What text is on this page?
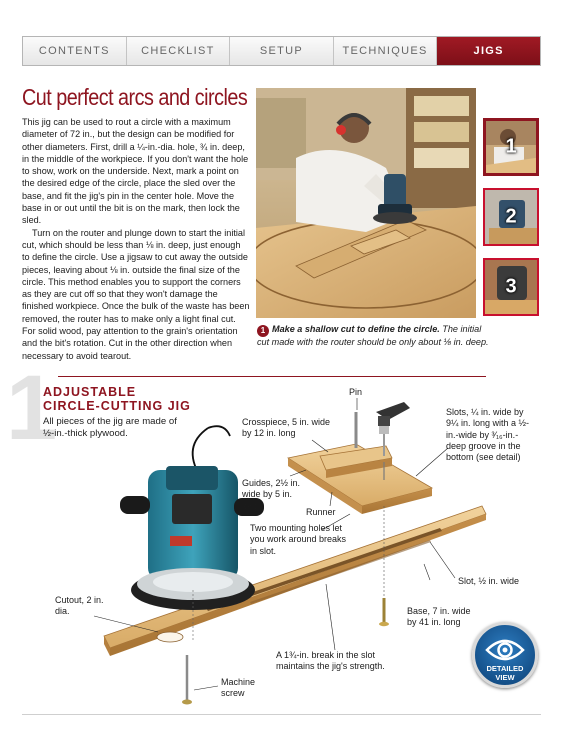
CONTENTS	CHECKLIST	SETUP	TECHNIQUES	JIGS
Cut perfect arcs and circles

This jig can be used to rout a circle with a maximum diameter of 72 in., but the design can be modified for other diameters. First, drill a ¼-in.-dia. hole, ¾ in. deep, in the middle of the workpiece. If you don't want the hole to show, work on the underside. Next, mark a point on the desired edge of the circle, place the sled over the base, and fit the jig's pin in the center hole. Move the base in or out until the bit is on the mark, then lock the sled.

Turn on the router and plunge down to start the initial cut, which should be less than ⅛ in. deep, just enough to define the circle. Use a jigsaw to cut away the outside pieces, leaving about ⅛ in. outside the final size of the circle. This method enables you to support the corners as they are cut off so that they won't damage the finished workpiece. Once the bulk of the waste has been removed, the router has to make only a light final cut. For solid wood, pay attention to the grain's orientation and the bit's rotation. Cut in the other direction when necessary to avoid tearout.

1
2
3
1 Make a shallow cut to define the circle. The initial cut made with the router should be only about ⅛ in. deep.
1
ADJUSTABLE
CIRCLE-CUTTING JIG
All pieces of the jig are made of ½-in.-thick plywood.
Pin
Crosspiece, 5 in. wide by 12 in. long
Slots, ¼ in. wide by 9¼ in. long with a ½-in.-wide by ³⁄₁₆-in.-deep groove in the bottom (see detail)
Guides, 2½ in. wide by 5 in. long
Runner
Two mounting holes let you work around breaks in slot.
Slot, ½ in. wide
Cutout, 2 in. dia.	Base, 7 in. wide by 41 in. long
A 1¾-in. break in the slot maintains the jig's strength.
Machine screw
DETAILED
VIEW
